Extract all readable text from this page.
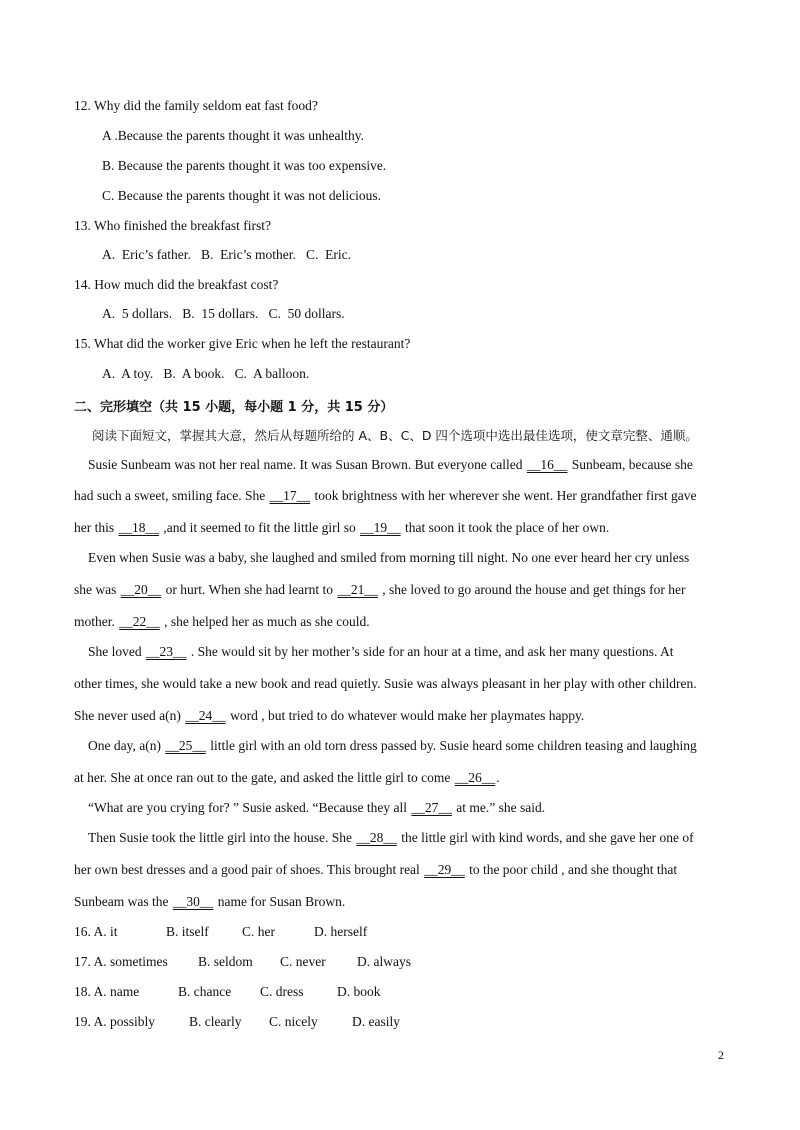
12. Why did the family seldom eat fast food?
A .Because the parents thought it was unhealthy.
B. Because the parents thought it was too expensive.
C. Because the parents thought it was not delicious.
13. Who finished the breakfast first?
A.  Eric’s father.   B.  Eric’s mother.   C.  Eric.
14. How much did the breakfast cost?
A.  5 dollars.   B.  15 dollars.   C.  50 dollars.
15. What did the worker give Eric when he left the restaurant?
A.  A toy.   B.  A book.   C.  A balloon.
二、完形填空（共 15 小题，每小题 1 分，共 15 分）
阅读下面短文，掌握其大意，然后从每题所给的 A、B、C、D 四个选项中选出最佳选项，使文章完整、通顺。
Susie Sunbeam was not her real name. It was Susan Brown. But everyone called __16__ Sunbeam, because she
had such a sweet, smiling face. She __17__ took brightness with her wherever she went. Her grandfather first gave
her this __18__ ,and it seemed to fit the little girl so __19__ that soon it took the place of her own.
Even when Susie was a baby, she laughed and smiled from morning till night. No one ever heard her cry unless
she was __20__ or hurt. When she had learnt to __21__ , she loved to go around the house and get things for her
mother. __22__ , she helped her as much as she could.
She loved __23__ . She would sit by her mother’s side for an hour at a time, and ask her many questions. At
other times, she would take a new book and read quietly. Susie was always pleasant in her play with other children.
She never used a(n) __24__ word , but tried to do whatever would make her playmates happy.
One day, a(n) __25__ little girl with an old torn dress passed by. Susie heard some children teasing and laughing
at her. She at once ran out to the gate, and asked the little girl to come __26__.
“What are you crying for? ” Susie asked. “Because they all __27__ at me.” she said.
Then Susie took the little girl into the house. She __28__ the little girl with kind words, and she gave her one of
her own best dresses and a good pair of shoes. This brought real __29__ to the poor child , and she thought that
Sunbeam was the __30__ name for Susan Brown.
16. A. it	B. itself C. her	D. herself
17. A. sometimes B. seldom C. never D. always
18. A. name	B. chance C. dress D. book
19. A. possibly	B. clearly C. nicely	D. easily
2
